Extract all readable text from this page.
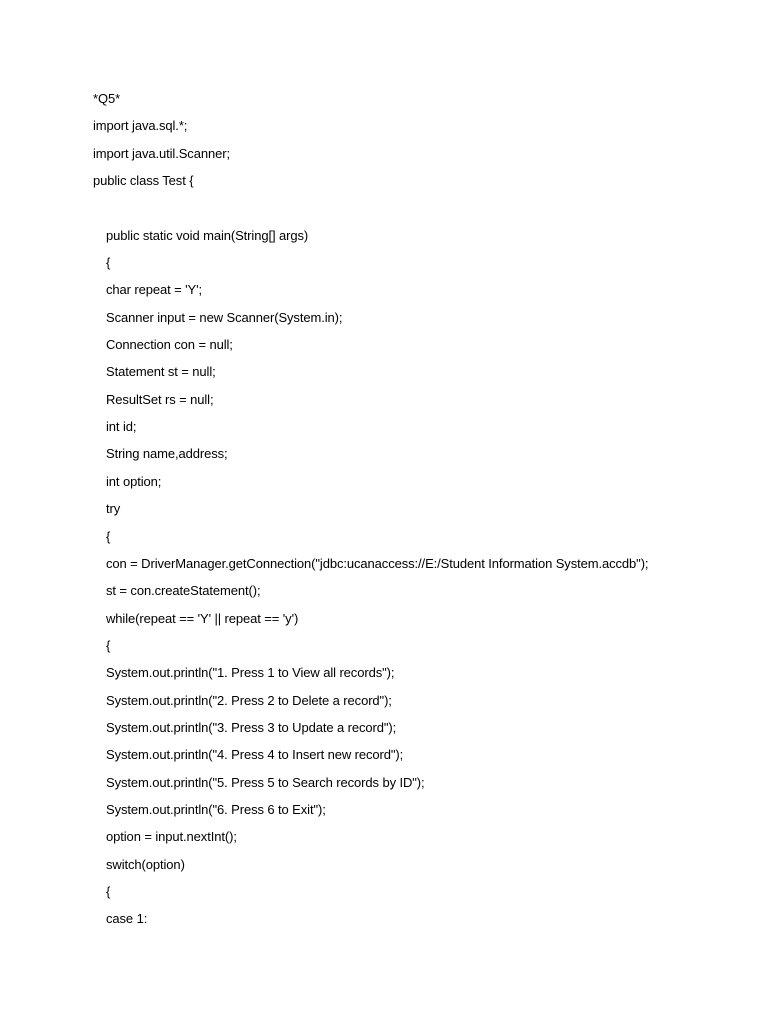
*Q5*
import java.sql.*;
import java.util.Scanner;
public class Test {
public static void main(String[] args)
{
char repeat = 'Y';
Scanner input = new Scanner(System.in);
Connection con = null;
Statement st = null;
ResultSet rs = null;
int id;
String name,address;
int option;
try
{
con = DriverManager.getConnection("jdbc:ucanaccess://E:/Student Information System.accdb");
st = con.createStatement();
while(repeat == 'Y' || repeat == 'y')
{
System.out.println("1. Press 1 to View all records");
System.out.println("2. Press 2 to Delete a record");
System.out.println("3. Press 3 to Update a record");
System.out.println("4. Press 4 to Insert new record");
System.out.println("5. Press 5 to Search records by ID");
System.out.println("6. Press 6 to Exit");
option = input.nextInt();
switch(option)
{
case 1:
